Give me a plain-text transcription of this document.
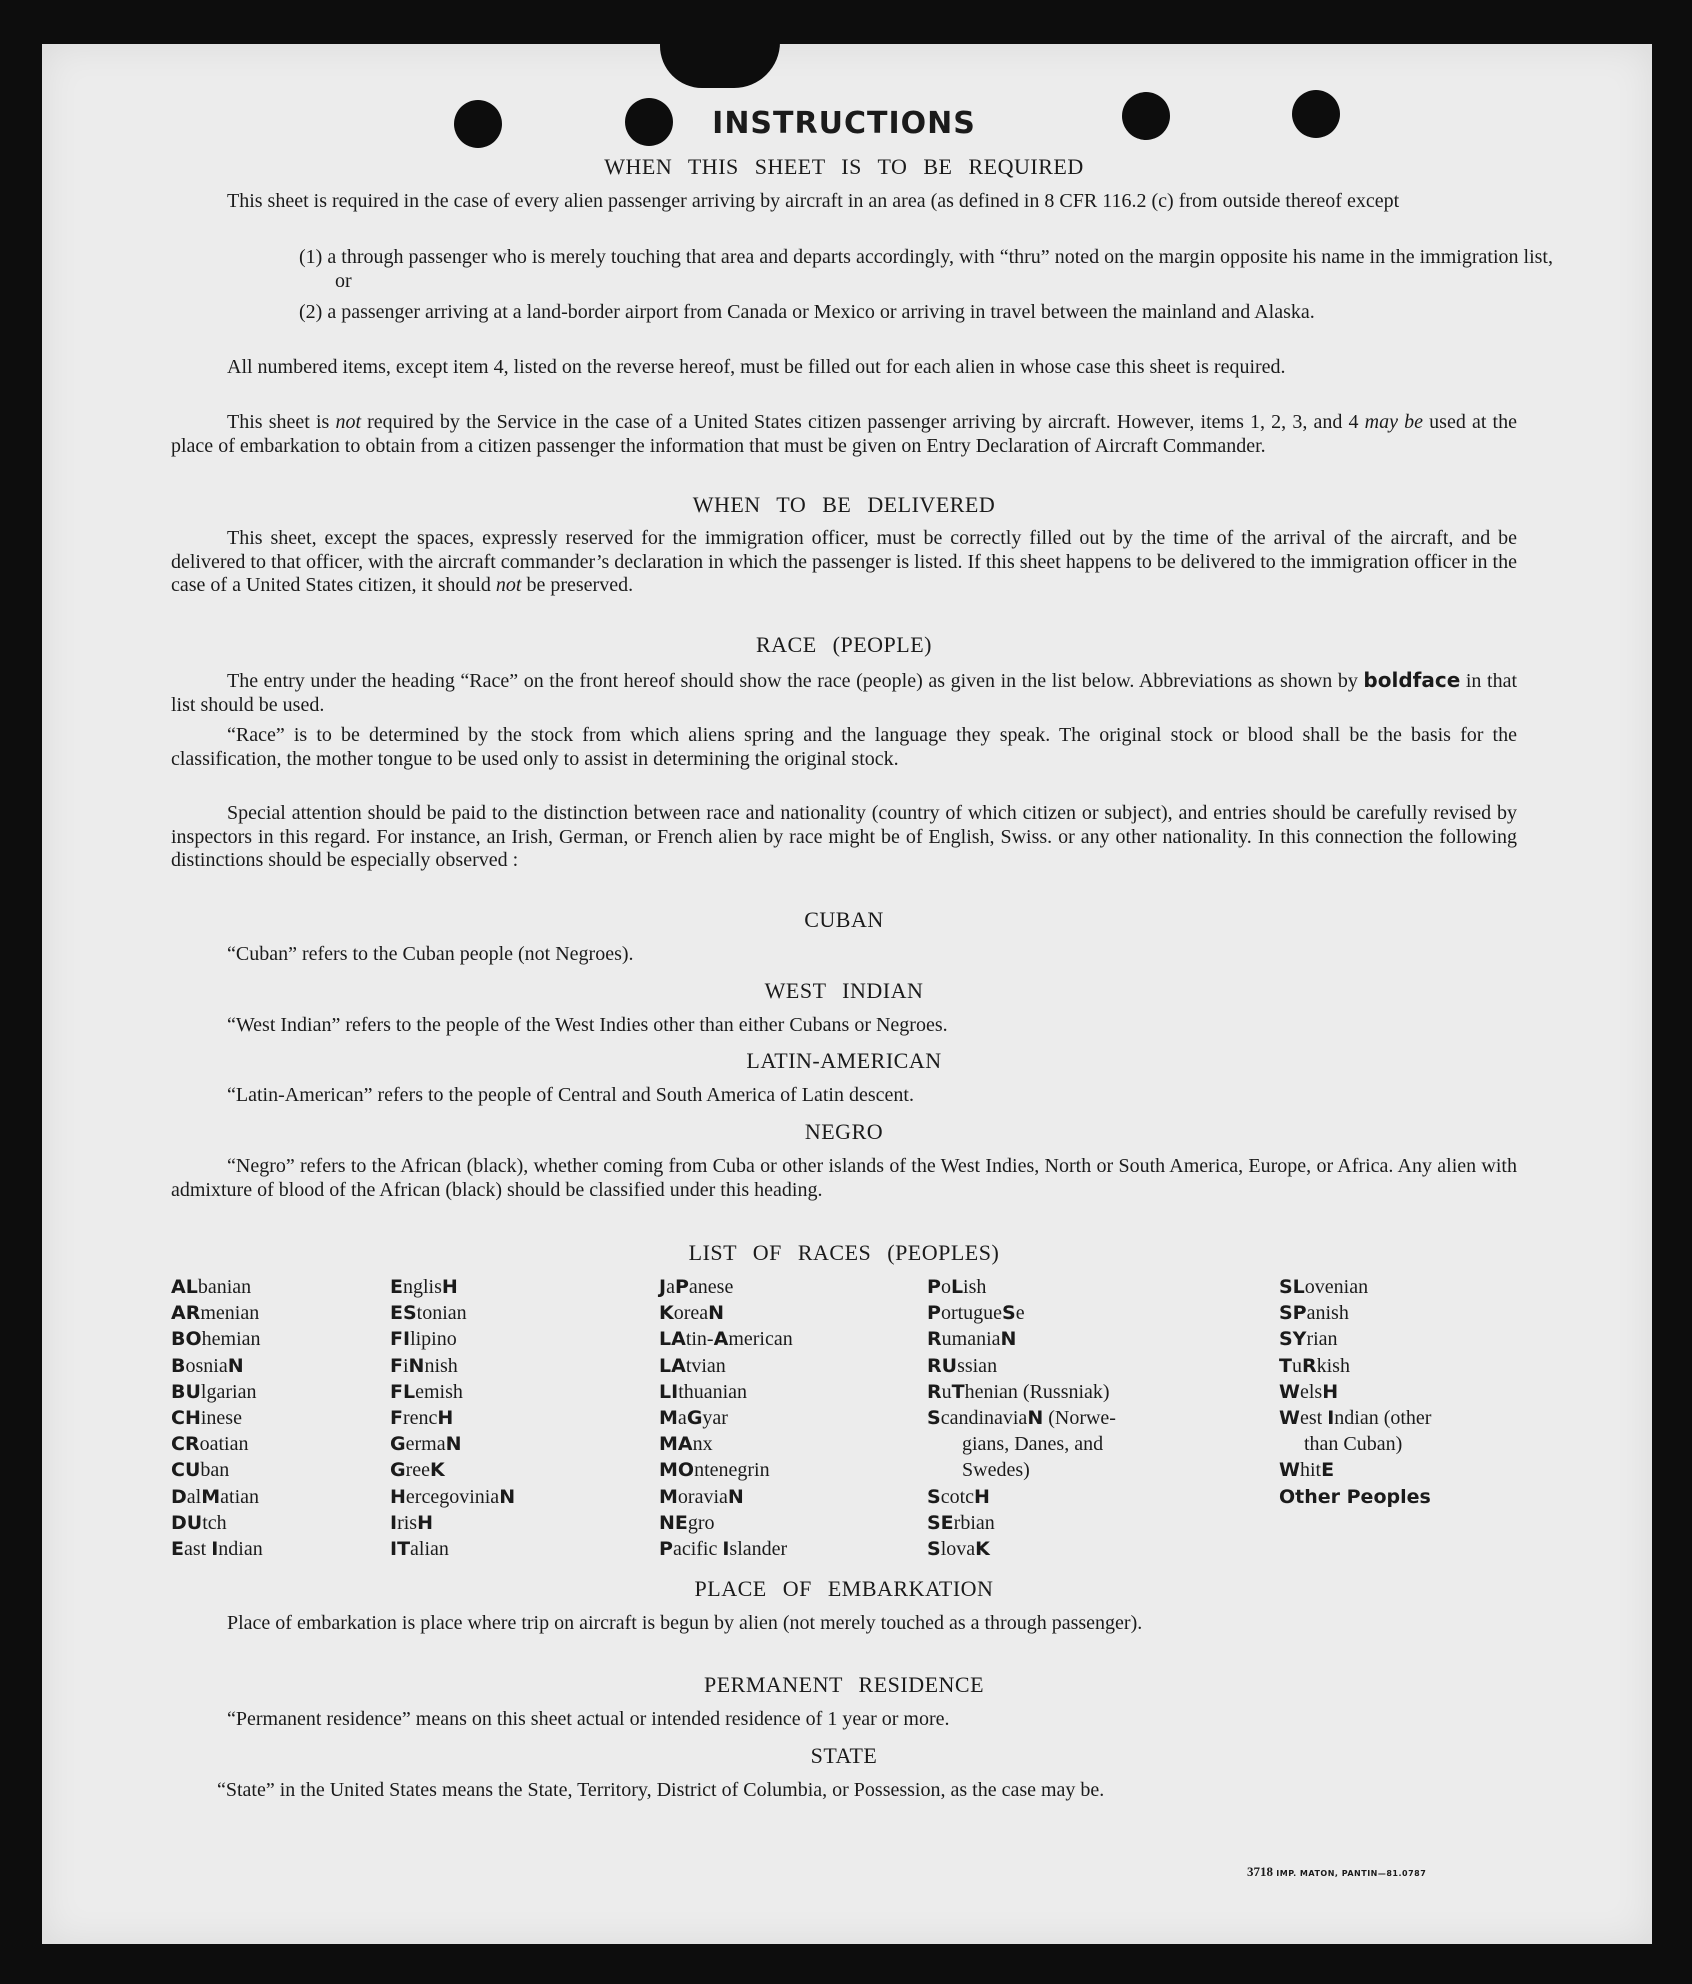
INSTRUCTIONS
WHEN THIS SHEET IS TO BE REQUIRED

This sheet is required in the case of every alien passenger arriving by aircraft in an area (as defined in 8 CFR 116.2 (c) from outside thereof except

(1) a through passenger who is merely touching that area and departs accordingly, with “thru” noted on the margin opposite his name in the immigration list, or

(2) a passenger arriving at a land-border airport from Canada or Mexico or arriving in travel between the mainland and Alaska.

All numbered items, except item 4, listed on the reverse hereof, must be filled out for each alien in whose case this sheet is required.

This sheet is not required by the Service in the case of a United States citizen passenger arriving by aircraft. However, items 1, 2, 3, and 4 may be used at the place of embarkation to obtain from a citizen passenger the information that must be given on Entry Declaration of Aircraft Commander.

WHEN TO BE DELIVERED

This sheet, except the spaces, expressly reserved for the immigration officer, must be correctly filled out by the time of the arrival of the aircraft, and be delivered to that officer, with the aircraft commander’s declaration in which the passenger is listed. If this sheet happens to be delivered to the immigration officer in the case of a United States citizen, it should not be preserved.

RACE (PEOPLE)

The entry under the heading “Race” on the front hereof should show the race (people) as given in the list below. Abbreviations as shown by boldface in that list should be used.

“Race” is to be determined by the stock from which aliens spring and the language they speak. The original stock or blood shall be the basis for the classification, the mother tongue to be used only to assist in determining the original stock.

Special attention should be paid to the distinction between race and nationality (country of which citizen or subject), and entries should be carefully revised by inspectors in this regard. For instance, an Irish, German, or French alien by race might be of English, Swiss. or any other nationality. In this connection the following distinctions should be especially observed :

CUBAN
“Cuban” refers to the Cuban people (not Negroes).
WEST INDIAN
“West Indian” refers to the people of the West Indies other than either Cubans or Negroes.
LATIN-AMERICAN
“Latin-American” refers to the people of Central and South America of Latin descent.
NEGRO

“Negro” refers to the African (black), whether coming from Cuba or other islands of the West Indies, North or South America, Europe, or Africa. Any alien with admixture of blood of the African (black) should be classified under this heading.

LIST OF RACES (PEOPLES)
ALbanian
ARmenian
BOhemian
BosniaN
BUlgarian
CHinese
CRoatian
CUban
DalMatian
DUtch
East Indian
EnglisH
EStonian
FIlipino
FiNnish
FLemish
FrencH
GermaN
GreeK
HercegoviniaN
IrisH
ITalian
JaPanese
KoreaN
LAtin-American
LAtvian
LIthuanian
MaGyar
MAnx
MOntenegrin
MoraviaN
NEgro
Pacific Islander
PoLish
PortugueSe
RumaniaN
RUssian
RuThenian (Russniak)
ScandinaviaN (Norwe-
gians, Danes, and
Swedes)
ScotcH
SErbian
SlovaK
SLovenian
SPanish
SYrian
TuRkish
WelsH
West Indian (other
than Cuban)
WhitE
Other Peoples
PLACE OF EMBARKATION

Place of embarkation is place where trip on aircraft is begun by alien (not merely touched as a through passenger).

PERMANENT RESIDENCE
“Permanent residence” means on this sheet actual or intended residence of 1 year or more.
STATE
“State” in the United States means the State, Territory, District of Columbia, or Possession, as the case may be.
3718 IMP. MATON, PANTIN—81.0787
